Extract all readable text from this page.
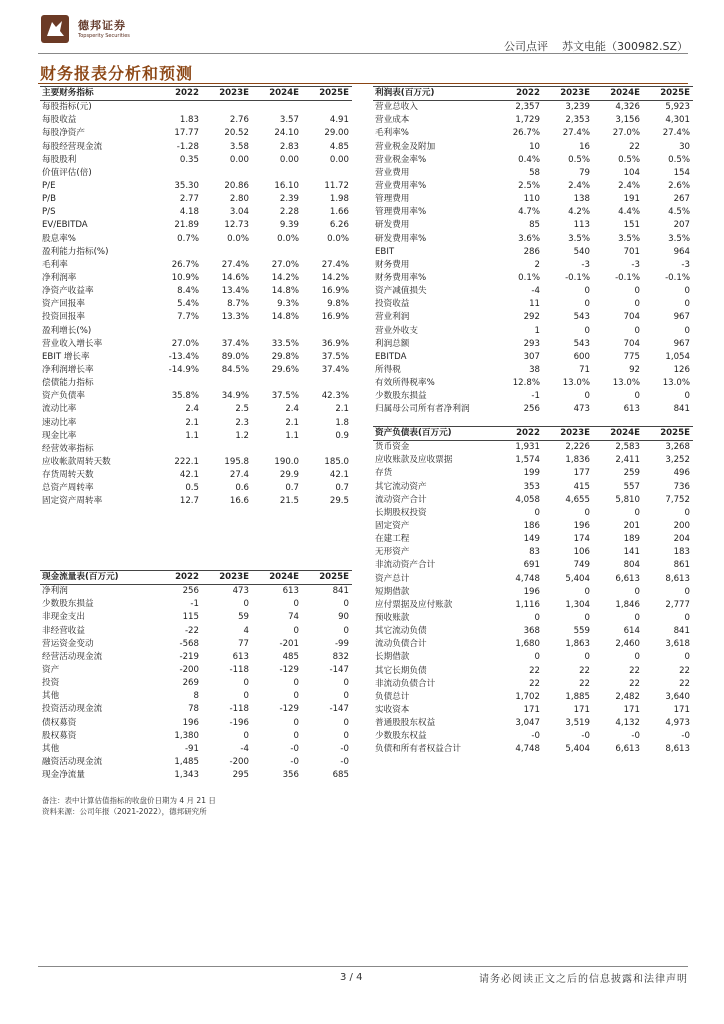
德邦证券
Topsperity Securities
公司点评 苏文电能（300982.SZ）
财务报表分析和预测
主要财务指标	2022	2023E	2024E	2025E
每股指标(元)				
每股收益	1.83	2.76	3.57	4.91
每股净资产	17.77	20.52	24.10	29.00
每股经营现金流	-1.28	3.58	2.83	4.85
每股股利	0.35	0.00	0.00	0.00
价值评估(倍)				
P/E	35.30	20.86	16.10	11.72
P/B	2.77	2.80	2.39	1.98
P/S	4.18	3.04	2.28	1.66
EV/EBITDA	21.89	12.73	9.39	6.26
股息率%	0.7%	0.0%	0.0%	0.0%
盈利能力指标(%)				
毛利率	26.7%	27.4%	27.0%	27.4%
净利润率	10.9%	14.6%	14.2%	14.2%
净资产收益率	8.4%	13.4%	14.8%	16.9%
资产回报率	5.4%	8.7%	9.3%	9.8%
投资回报率	7.7%	13.3%	14.8%	16.9%
盈利增长(%)				
营业收入增长率	27.0%	37.4%	33.5%	36.9%
EBIT 增长率	-13.4%	89.0%	29.8%	37.5%
净利润增长率	-14.9%	84.5%	29.6%	37.4%
偿债能力指标				
资产负债率	35.8%	34.9%	37.5%	42.3%
流动比率	2.4	2.5	2.4	2.1
速动比率	2.1	2.3	2.1	1.8
现金比率	1.1	1.2	1.1	0.9
经营效率指标				
应收帐款周转天数	222.1	195.8	190.0	185.0
存货周转天数	42.1	27.4	29.9	42.1
总资产周转率	0.5	0.6	0.7	0.7
固定资产周转率	12.7	16.6	21.5	29.5
现金流量表(百万元)	2022	2023E	2024E	2025E
净利润	256	473	613	841
少数股东损益	-1	0	0	0
非现金支出	115	59	74	90
非经营收益	-22	4	0	0
营运资金变动	-568	77	-201	-99
经营活动现金流	-219	613	485	832
资产	-200	-118	-129	-147
投资	269	0	0	0
其他	8	0	0	0
投资活动现金流	78	-118	-129	-147
债权募资	196	-196	0	0
股权募资	1,380	0	0	0
其他	-91	-4	-0	-0
融资活动现金流	1,485	-200	-0	-0
现金净流量	1,343	295	356	685
利润表(百万元)	2022	2023E	2024E	2025E
营业总收入	2,357	3,239	4,326	5,923
营业成本	1,729	2,353	3,156	4,301
毛利率%	26.7%	27.4%	27.0%	27.4%
营业税金及附加	10	16	22	30
营业税金率%	0.4%	0.5%	0.5%	0.5%
营业费用	58	79	104	154
营业费用率%	2.5%	2.4%	2.4%	2.6%
管理费用	110	138	191	267
管理费用率%	4.7%	4.2%	4.4%	4.5%
研发费用	85	113	151	207
研发费用率%	3.6%	3.5%	3.5%	3.5%
EBIT	286	540	701	964
财务费用	2	-3	-3	-3
财务费用率%	0.1%	-0.1%	-0.1%	-0.1%
资产减值损失	-4	0	0	0
投资收益	11	0	0	0
营业利润	292	543	704	967
营业外收支	1	0	0	0
利润总额	293	543	704	967
EBITDA	307	600	775	1,054
所得税	38	71	92	126
有效所得税率%	12.8%	13.0%	13.0%	13.0%
少数股东损益	-1	0	0	0
归属母公司所有者净利润	256	473	613	841
资产负债表(百万元)	2022	2023E	2024E	2025E
货币资金	1,931	2,226	2,583	3,268
应收账款及应收票据	1,574	1,836	2,411	3,252
存货	199	177	259	496
其它流动资产	353	415	557	736
流动资产合计	4,058	4,655	5,810	7,752
长期股权投资	0	0	0	0
固定资产	186	196	201	200
在建工程	149	174	189	204
无形资产	83	106	141	183
非流动资产合计	691	749	804	861
资产总计	4,748	5,404	6,613	8,613
短期借款	196	0	0	0
应付票据及应付账款	1,116	1,304	1,846	2,777
预收账款	0	0	0	0
其它流动负债	368	559	614	841
流动负债合计	1,680	1,863	2,460	3,618
长期借款	0	0	0	0
其它长期负债	22	22	22	22
非流动负债合计	22	22	22	22
负债总计	1,702	1,885	2,482	3,640
实收资本	171	171	171	171
普通股股东权益	3,047	3,519	4,132	4,973
少数股东权益	-0	-0	-0	-0
负债和所有者权益合计	4,748	5,404	6,613	8,613
备注：表中计算估值指标的收盘价日期为 4 月 21 日
资料来源：公司年报（2021-2022），德邦研究所
3 / 4	请务必阅读正文之后的信息披露和法律声明
